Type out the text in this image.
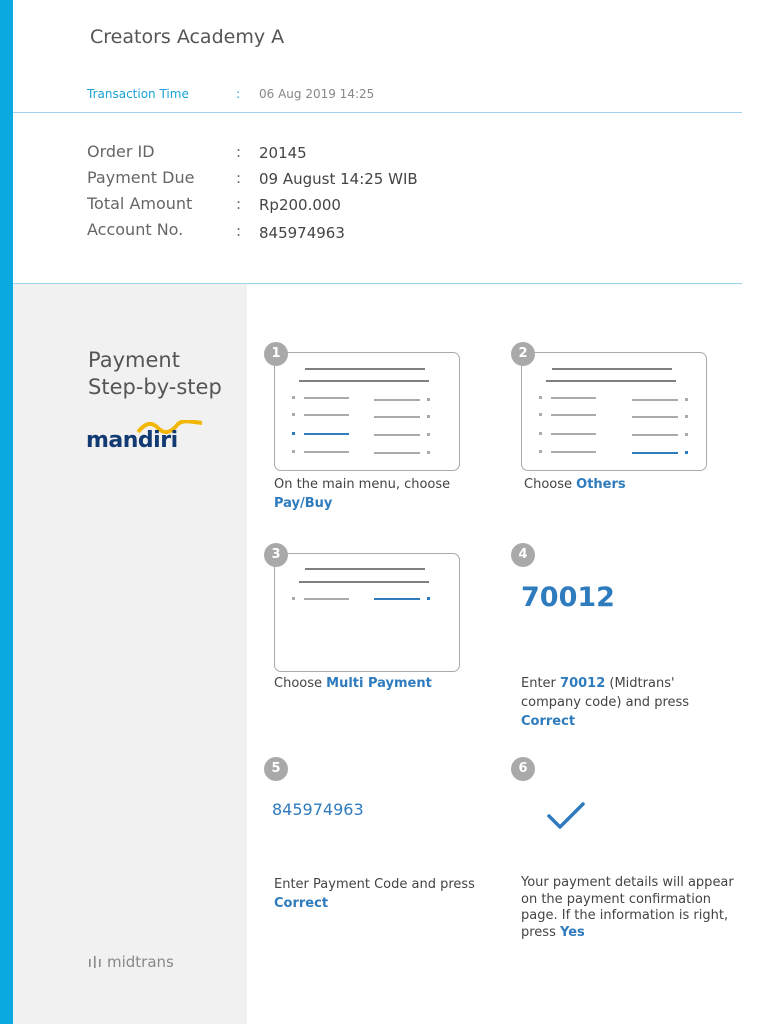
Creators Academy A
Transaction Time	: 06 Aug 2019 14:25
Order ID	: 20145
Payment Due	: 09 August 14:25 WIB
Total Amount	: Rp200.000
Account No.	: 845974963
Payment
Step-by-step
mandiri
midtrans
1
On the main menu, choose Pay/Buy
2
Choose Others
3
Choose Multi Payment
4
70012
Enter 70012 (Midtrans' company code) and press Correct
5
845974963
Enter Payment Code and press Correct
6
Your payment details will appear on the payment confirmation page. If the information is right, press Yes
